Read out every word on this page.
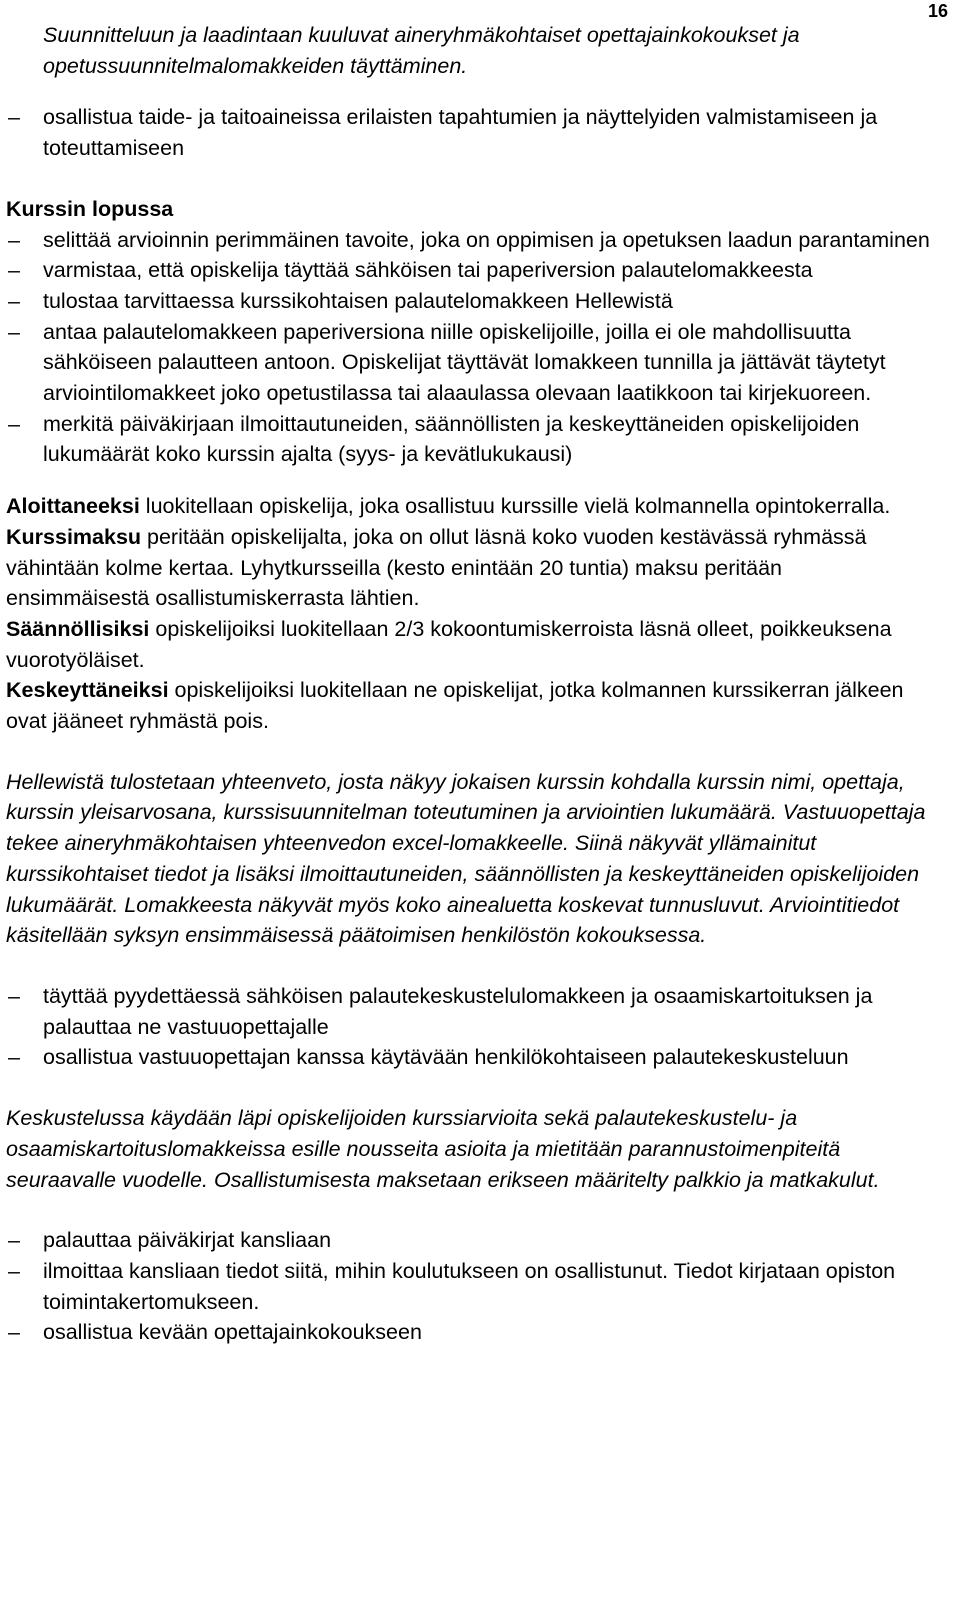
16

Suunnitteluun ja laadintaan kuuluvat aineryhmäkohtaiset opettajainkokoukset ja opetussuunnitelmalomakkeiden täyttäminen.

– osallistua taide- ja taitoaineissa erilaisten tapahtumien ja näyttelyiden valmistamiseen ja toteuttamiseen

Kurssin lopussa

– selittää arvioinnin perimmäinen tavoite, joka on oppimisen ja opetuksen laadun parantaminen
– varmistaa, että opiskelija täyttää sähköisen tai paperiversion palautelomakkeesta
– tulostaa tarvittaessa kurssikohtaisen palautelomakkeen Hellewistä
– antaa palautelomakkeen paperiversiona niille opiskelijoille, joilla ei ole mahdollisuutta sähköiseen palautteen antoon. Opiskelijat täyttävät lomakkeen tunnilla ja jättävät täytetyt arviointilomakkeet joko opetustilassa tai alaaulassa olevaan laatikkoon tai kirjekuoreen.
– merkitä päiväkirjaan ilmoittautuneiden, säännöllisten ja keskeyttäneiden opiskelijoiden lukumäärät koko kurssin ajalta (syys- ja kevätlukukausi)

Aloittaneeksi luokitellaan opiskelija, joka osallistuu kurssille vielä kolmannella opintokerralla.

Kurssimaksu peritään opiskelijalta, joka on ollut läsnä koko vuoden kestävässä ryhmässä vähintään kolme kertaa. Lyhytkursseilla (kesto enintään 20 tuntia) maksu peritään ensimmäisestä osallistumiskerrasta lähtien.

Säännöllisiksi opiskelijoiksi luokitellaan 2/3 kokoontumiskerroista läsnä olleet, poikkeuksena vuorotyöläiset.

Keskeyttäneiksi opiskelijoiksi luokitellaan ne opiskelijat, jotka kolmannen kurssikerran jälkeen ovat jääneet ryhmästä pois.

Hellewistä tulostetaan yhteenveto, josta näkyy jokaisen kurssin kohdalla kurssin nimi, opettaja, kurssin yleisarvosana, kurssisuunnitelman toteutuminen ja arviointien lukumäärä. Vastuuopettaja tekee aineryhmäkohtaisen yhteenvedon excel-lomakkeelle. Siinä näkyvät yllämainitut kurssikohtaiset tiedot ja lisäksi ilmoittautuneiden, säännöllisten ja keskeyttäneiden opiskelijoiden lukumäärät. Lomakkeesta näkyvät myös koko ainealuetta koskevat tunnusluvut. Arviointitiedot käsitellään syksyn ensimmäisessä päätoimisen henkilöstön kokouksessa.

– täyttää pyydettäessä sähköisen palautekeskustelulomakkeen ja osaamiskartoituksen ja palauttaa ne vastuuopettajalle
– osallistua vastuuopettajan kanssa käytävään henkilökohtaiseen palautekeskusteluun

Keskustelussa käydään läpi opiskelijoiden kurssiarvioita sekä palautekeskustelu- ja osaamiskartoituslomakkeissa esille nousseita asioita ja mietitään parannustoimenpiteitä seuraavalle vuodelle. Osallistumisesta maksetaan erikseen määritelty palkkio ja matkakulut.

– palauttaa päiväkirjat kansliaan
– ilmoittaa kansliaan tiedot siitä, mihin koulutukseen on osallistunut. Tiedot kirjataan opiston toimintakertomukseen.
– osallistua kevään opettajainkokoukseen
